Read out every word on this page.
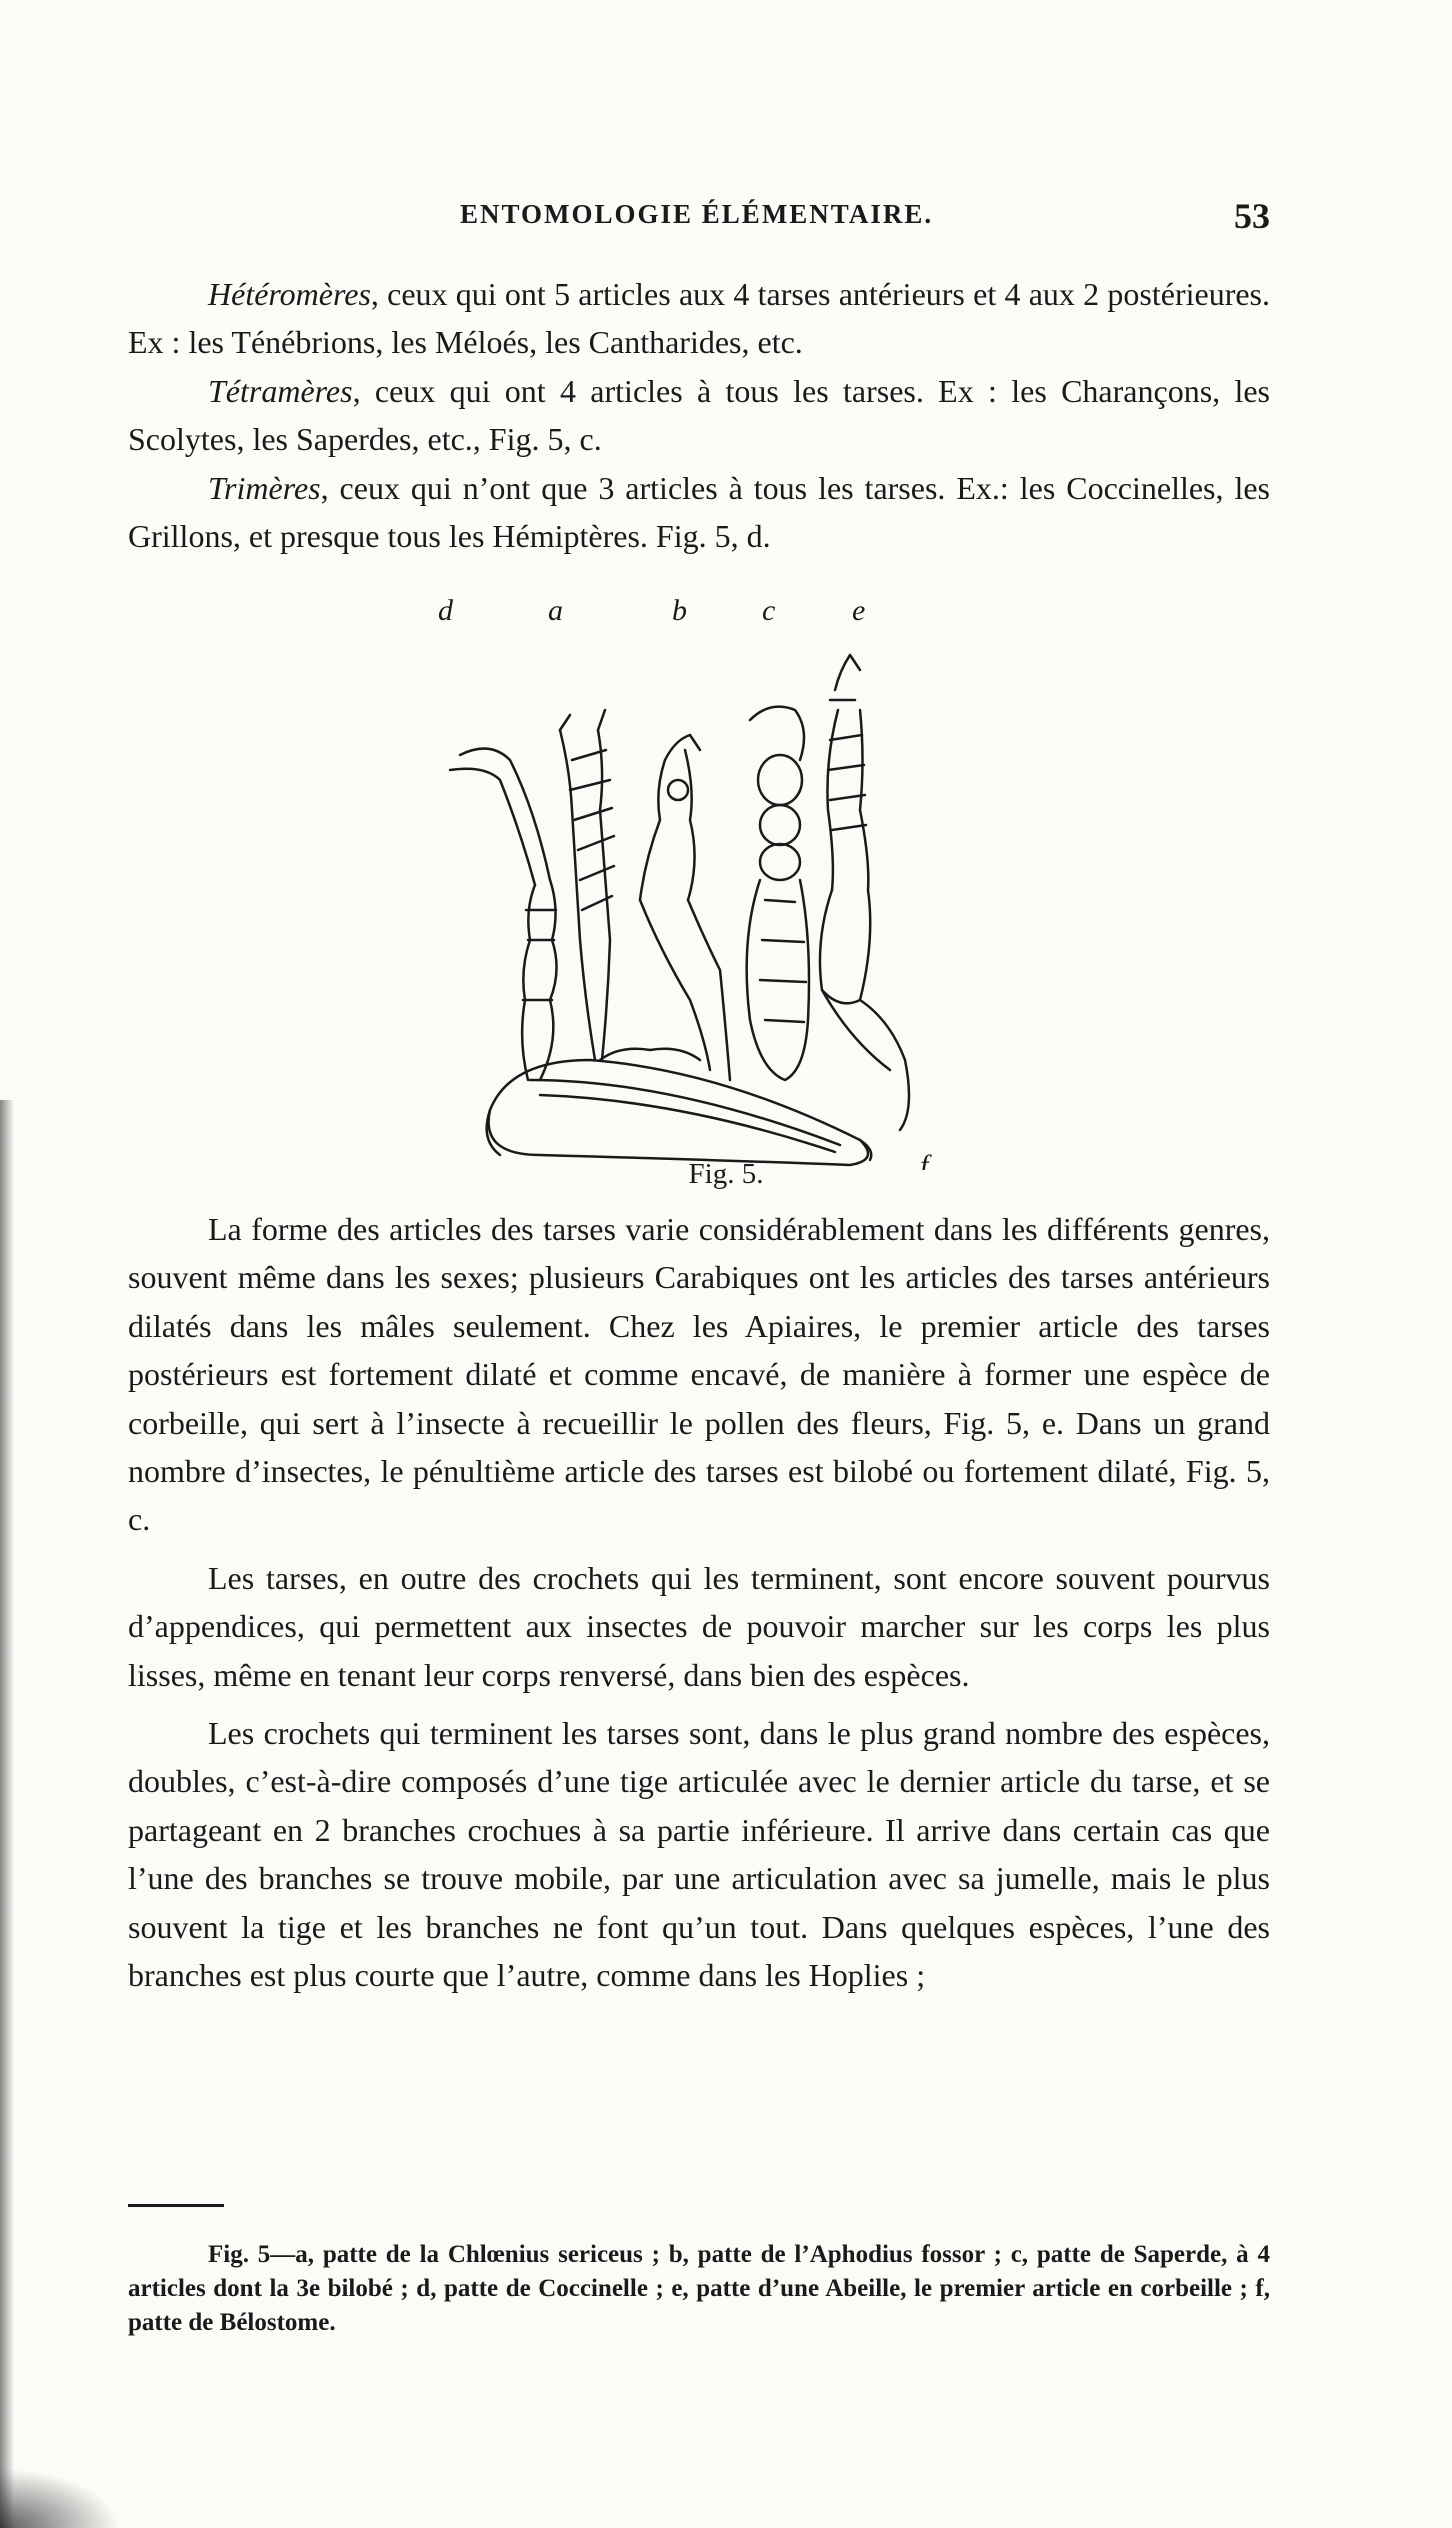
ENTOMOLOGIE ÉLÉMENTAIRE.	53

Hétéromères, ceux qui ont 5 articles aux 4 tarses antérieurs et 4 aux 2 postérieures. Ex : les Ténébrions, les Méloés, les Cantharides, etc.

Tétramères, ceux qui ont 4 articles à tous les tarses. Ex : les Charançons, les Scolytes, les Saperdes, etc., Fig. 5, c.

Trimères, ceux qui n’ont que 3 articles à tous les tarses. Ex.: les Coccinelles, les Grillons, et presque tous les Hémiptères. Fig. 5, d.

d	a	b	c	e
f
Fig. 5.

La forme des articles des tarses varie considérablement dans les différents genres, souvent même dans les sexes; plusieurs Carabiques ont les articles des tarses antérieurs dilatés dans les mâles seulement. Chez les Apiaires, le premier article des tarses postérieurs est fortement dilaté et comme encavé, de manière à former une espèce de corbeille, qui sert à l’insecte à recueillir le pollen des fleurs, Fig. 5, e. Dans un grand nombre d’insectes, le pénultième article des tarses est bilobé ou fortement dilaté, Fig. 5, c.

Les tarses, en outre des crochets qui les terminent, sont encore souvent pourvus d’appendices, qui permettent aux insectes de pouvoir marcher sur les corps les plus lisses, même en tenant leur corps renversé, dans bien des espèces.

Les crochets qui terminent les tarses sont, dans le plus grand nombre des espèces, doubles, c’est-à-dire composés d’une tige articulée avec le dernier article du tarse, et se partageant en 2 branches crochues à sa partie inférieure. Il arrive dans certain cas que l’une des branches se trouve mobile, par une articulation avec sa jumelle, mais le plus souvent la tige et les branches ne font qu’un tout. Dans quelques espèces, l’une des branches est plus courte que l’autre, comme dans les Hoplies ;

Fig. 5—a, patte de la Chlœnius sericeus ; b, patte de l’Aphodius fossor ; c, patte de Saperde, à 4 articles dont la 3e bilobé ; d, patte de Coccinelle ; e, patte d’une Abeille, le premier article en corbeille ; f, patte de Bélostome.
